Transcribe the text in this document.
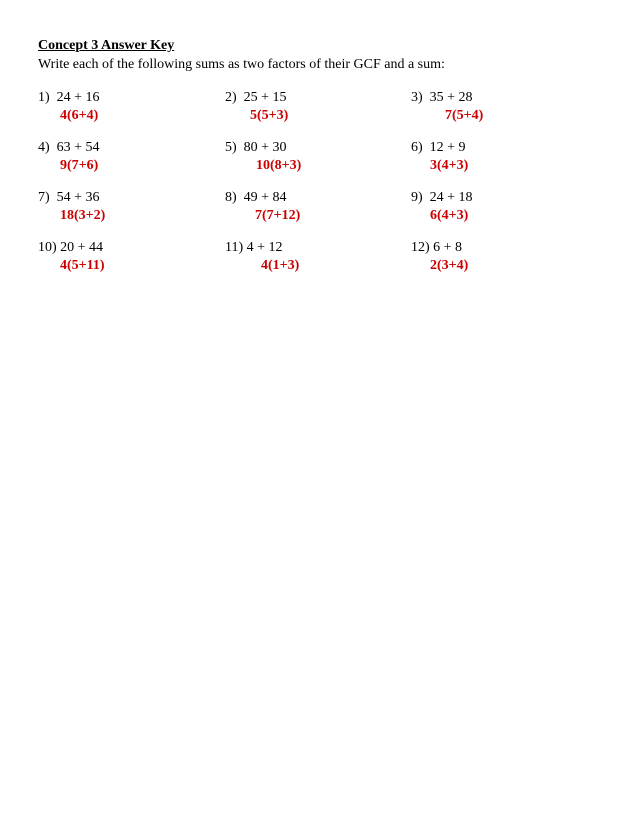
Concept 3 Answer Key
Write each of the following sums as two factors of their GCF and a sum:
1)  24 + 16
4(6+4)
2)  25 + 15
5(5+3)
3)  35 + 28
7(5+4)
4)  63 + 54
9(7+6)
5)  80 + 30
10(8+3)
6)  12 + 9
3(4+3)
7)  54 + 36
18(3+2)
8)  49 + 84
7(7+12)
9)  24 + 18
6(4+3)
10) 20 + 44
4(5+11)
11) 4 + 12
4(1+3)
12) 6 + 8
2(3+4)
